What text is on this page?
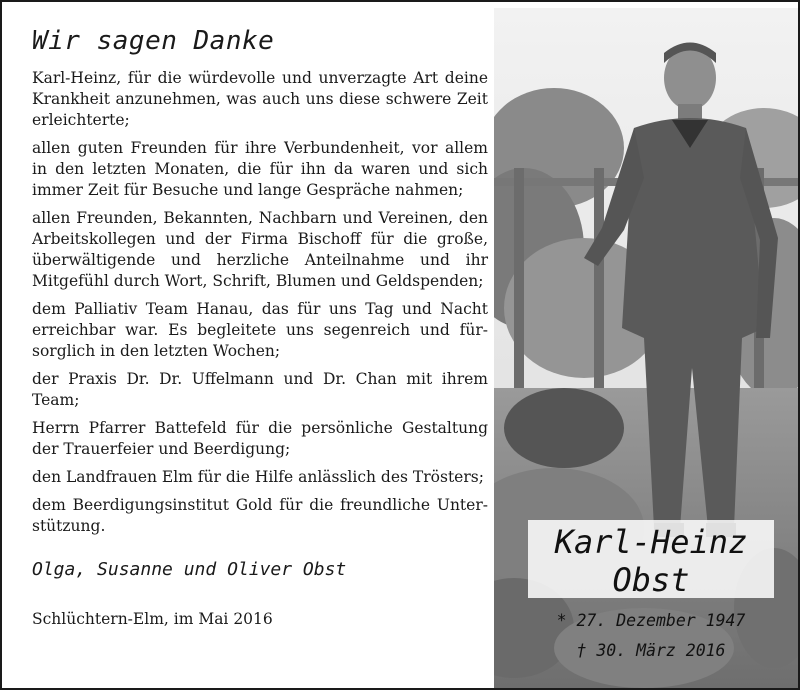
Wir sagen Danke

Karl-Heinz, für die würdevolle und unverzagte Art deine Krankheit anzunehmen, was auch uns diese schwere Zeit erleichterte;

allen guten Freunden für ihre Verbundenheit, vor allem in den letzten Monaten, die für ihn da waren und sich immer Zeit für Besuche und lange Gespräche nahmen;

allen Freunden, Bekannten, Nachbarn und Vereinen, den Arbeitskollegen und der Firma Bischoff für die große, überwältigende und herzliche Anteilnahme und ihr Mitgefühl durch Wort, Schrift, Blumen und Geldspenden;

dem Palliativ Team Hanau, das für uns Tag und Nacht erreichbar war. Es begleitete uns segenreich und fürsorglich in den letzten Wochen;

der Praxis Dr. Dr. Uffelmann und Dr. Chan mit ihrem Team;

Herrn Pfarrer Battefeld für die persönliche Gestaltung der Trauerfeier und Beerdigung;

den Landfrauen Elm für die Hilfe anlässlich des Trösters;

dem Beerdigungsinstitut Gold für die freundliche Unterstützung.

Olga, Susanne und Oliver Obst
Schlüchtern-Elm, im Mai 2016
Karl-Heinz
Obst
* 27. Dezember 1947
† 30. März 2016
